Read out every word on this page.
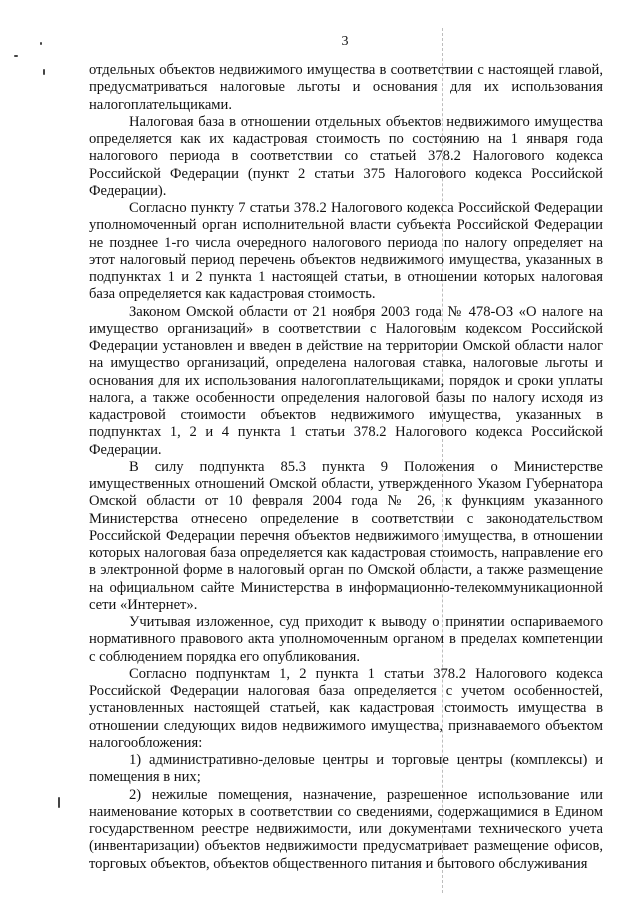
3

отдельных объектов недвижимого имущества в соответствии с настоящей главой, предусматриваться налоговые льготы и основания для их использования налогоплательщиками.

Налоговая база в отношении отдельных объектов недвижимого имущества определяется как их кадастровая стоимость по состоянию на 1 января года налогового периода в соответствии со статьей 378.2 Налогового кодекса Российской Федерации (пункт 2 статьи 375 Налогового кодекса Российской Федерации).

Согласно пункту 7 статьи 378.2 Налогового кодекса Российской Федерации уполномоченный орган исполнительной власти субъекта Российской Федерации не позднее 1-го числа очередного налогового периода по налогу определяет на этот налоговый период перечень объектов недвижимого имущества, указанных в подпунктах 1 и 2 пункта 1 настоящей статьи, в отношении которых налоговая база определяется как кадастровая стоимость.

Законом Омской области от 21 ноября 2003 года № 478-ОЗ «О налоге на имущество организаций» в соответствии с Налоговым кодексом Российской Федерации установлен и введен в действие на территории Омской области налог на имущество организаций, определена налоговая ставка, налоговые льготы и основания для их использования налогоплательщиками, порядок и сроки уплаты налога, а также особенности определения налоговой базы по налогу исходя из кадастровой стоимости объектов недвижимого имущества, указанных в подпунктах 1, 2 и 4 пункта 1 статьи 378.2 Налогового кодекса Российской Федерации.

В силу подпункта 85.3 пункта 9 Положения о Министерстве имущественных отношений Омской области, утвержденного Указом Губернатора Омской области от 10 февраля 2004 года № 26, к функциям указанного Министерства отнесено определение в соответствии с законодательством Российской Федерации перечня объектов недвижимого имущества, в отношении которых налоговая база определяется как кадастровая стоимость, направление его в электронной форме в налоговый орган по Омской области, а также размещение на официальном сайте Министерства в информационно-телекоммуникационной сети «Интернет».

Учитывая изложенное, суд приходит к выводу о принятии оспариваемого нормативного правового акта уполномоченным органом в пределах компетенции с соблюдением порядка его опубликования.

Согласно подпунктам 1, 2 пункта 1 статьи 378.2 Налогового кодекса Российской Федерации налоговая база определяется с учетом особенностей, установленных настоящей статьей, как кадастровая стоимость имущества в отношении следующих видов недвижимого имущества, признаваемого объектом налогообложения:

1) административно-деловые центры и торговые центры (комплексы) и помещения в них;

2) нежилые помещения, назначение, разрешенное использование или наименование которых в соответствии со сведениями, содержащимися в Едином государственном реестре недвижимости, или документами технического учета (инвентаризации) объектов недвижимости предусматривает размещение офисов, торговых объектов, объектов общественного питания и бытового обслуживания
